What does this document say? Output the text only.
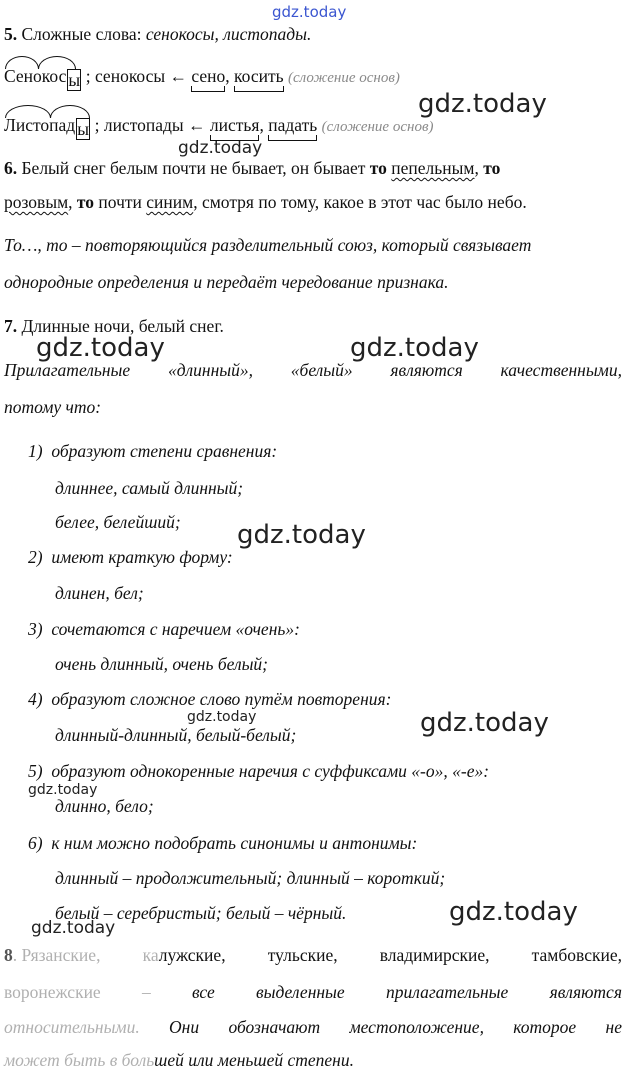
gdz.today
gdz.today
gdz.today
gdz.today	gdz.today
gdz.today
gdz.today	gdz.today
gdz.today
gdz.today
gdz.today
5. Сложные слова: сенокосы, листопады.
Сенокос ы ; сенокосы ← сено, косить (сложение основ)
Листопад ы ; листопады ← листья, падать (сложение основ)
6. Белый снег белым почти не бывает, он бывает то пепельным, то
розовым, то почти синим, смотря по тому, какое в этот час было небо.
То…, то – повторяющийся разделительный союз, который связывает
однородные определения и передаёт чередование признака.
7. Длинные ночи, белый снег.
Прилагательные «длинный», «белый» являются качественными,
потому что:
1) образуют степени сравнения:
длиннее, самый длинный;
белее, белейший;
2) имеют краткую форму:
длинен, бел;
3) сочетаются с наречием «очень»:
очень длинный, очень белый;
4) образуют сложное слово путём повторения:
длинный-длинный, белый-белый;
5) образуют однокоренные наречия с суффиксами «-о», «-е»:
длинно, бело;
6) к ним можно подобрать синонимы и антонимы:
длинный – продолжительный; длинный – короткий;
белый – серебристый; белый – чёрный.
8. Рязанские, калужские, тульские, владимирские, тамбовские,
воронежские – все выделенные прилагательные являются
относительными. Они обозначают местоположение, которое не
может быть в большей или меньшей степени.
